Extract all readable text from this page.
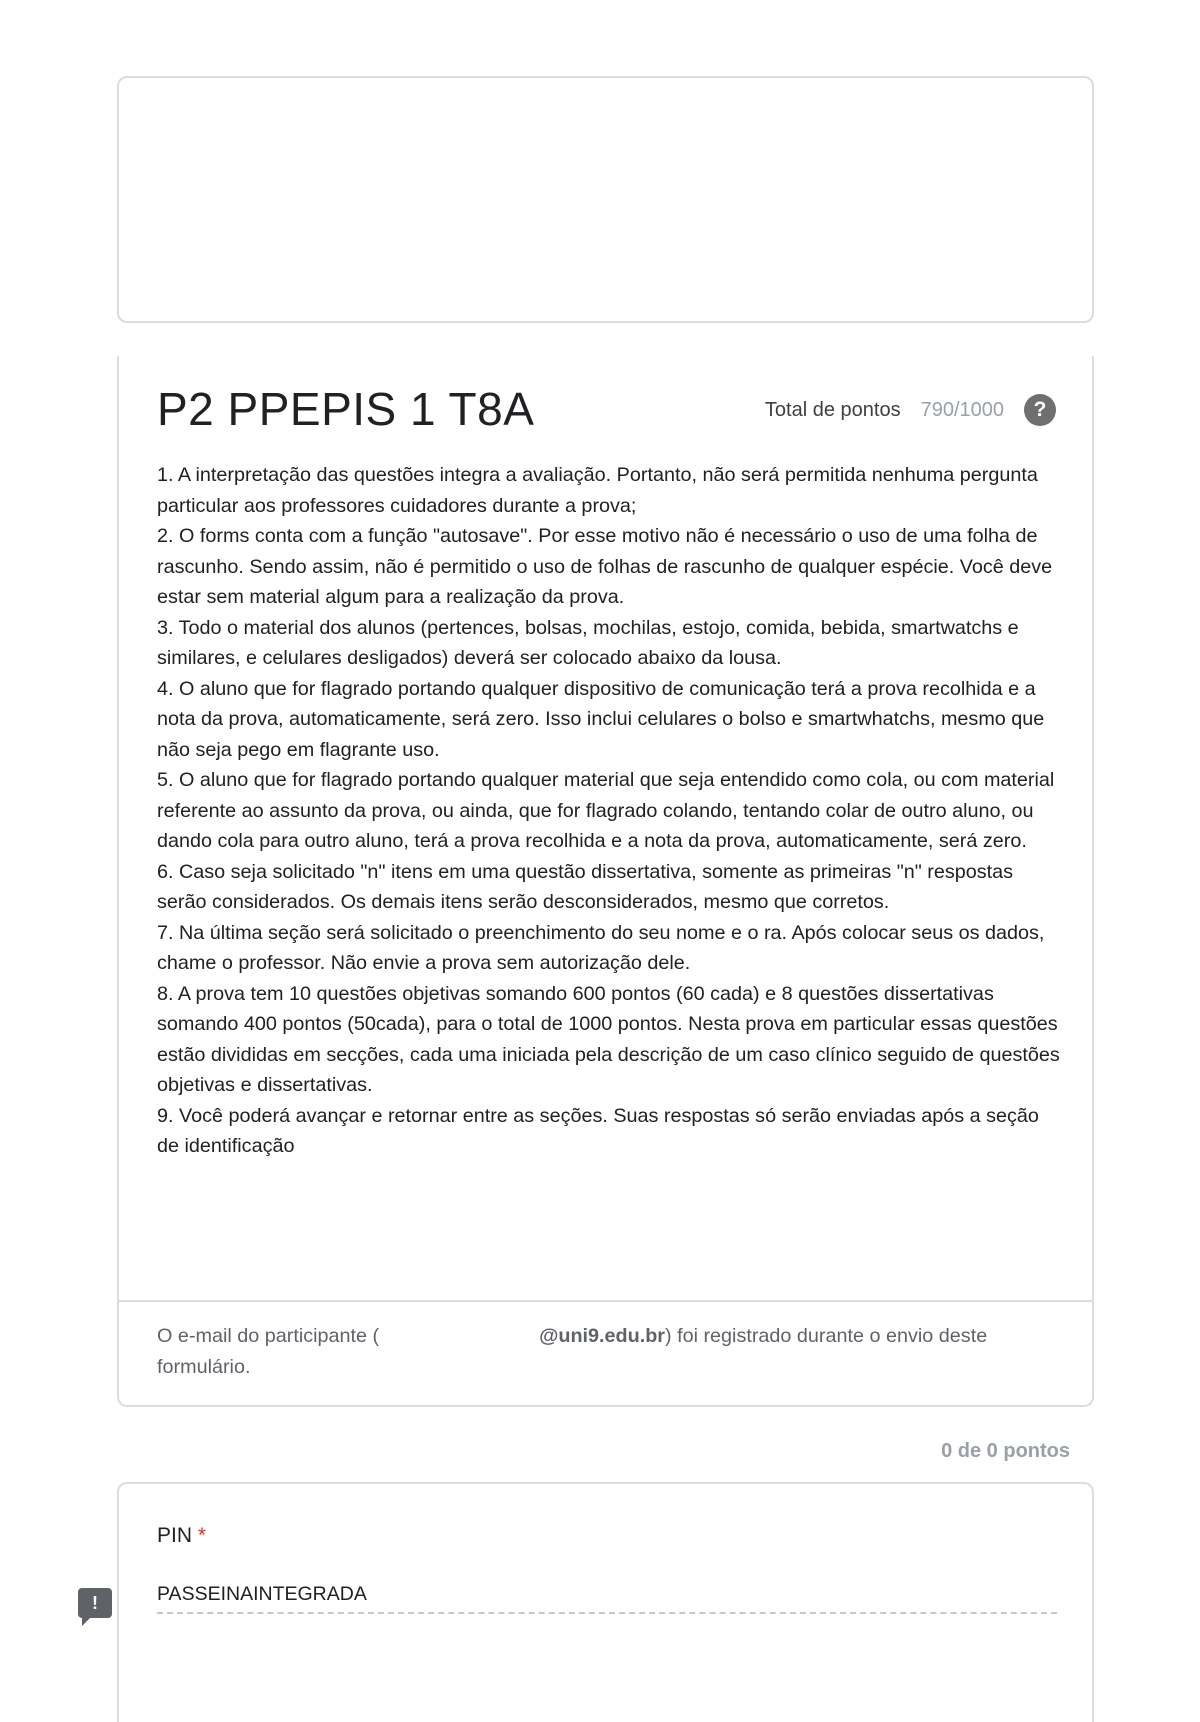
P2 PPEPIS 1 T8A	Total de pontos 790/1000	?

1. A interpretação das questões integra a avaliação. Portanto, não será permitida nenhuma pergunta particular aos professores cuidadores durante a prova;

2. O forms conta com a função "autosave". Por esse motivo não é necessário o uso de uma folha de rascunho. Sendo assim, não é permitido o uso de folhas de rascunho de qualquer espécie. Você deve estar sem material algum para a realização da prova.

3. Todo o material dos alunos (pertences, bolsas, mochilas, estojo, comida, bebida, smartwatchs e similares, e celulares desligados) deverá ser colocado abaixo da lousa.

4. O aluno que for flagrado portando qualquer dispositivo de comunicação terá a prova recolhida e a nota da prova, automaticamente, será zero. Isso inclui celulares o bolso e smartwhatchs, mesmo que não seja pego em flagrante uso.

5. O aluno que for flagrado portando qualquer material que seja entendido como cola, ou com material referente ao assunto da prova, ou ainda, que for flagrado colando, tentando colar de outro aluno, ou dando cola para outro aluno, terá a prova recolhida e a nota da prova, automaticamente, será zero.

6. Caso seja solicitado "n" itens em uma questão dissertativa, somente as primeiras "n" respostas serão considerados. Os demais itens serão desconsiderados, mesmo que corretos.

7. Na última seção será solicitado o preenchimento do seu nome e o ra. Após colocar seus os dados, chame o professor. Não envie a prova sem autorização dele.

8. A prova tem 10 questões objetivas somando 600 pontos (60 cada) e 8 questões dissertativas somando 400 pontos (50cada), para o total de 1000 pontos. Nesta prova em particular essas questões estão divididas em secções, cada uma iniciada pela descrição de um caso clínico seguido de questões objetivas e dissertativas.

9. Você poderá avançar e retornar entre as seções. Suas respostas só serão enviadas após a seção de identificação

O e-mail do participante (	@uni9.edu.br) foi registrado durante o envio deste formulário.
0 de 0 pontos
PIN *
PASSEINAINTEGRADA
!
